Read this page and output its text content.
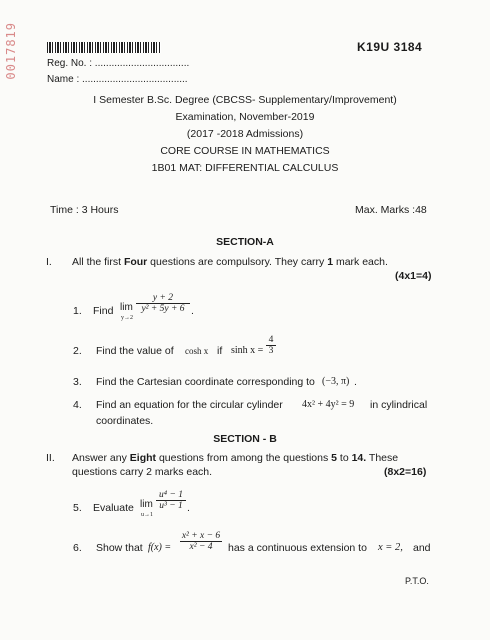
0017819	K19U 3184
Reg. No. : ..................................
Name : ......................................
I Semester B.Sc. Degree (CBCSS- Supplementary/Improvement)
Examination, November-2019
(2017 -2018 Admissions)
CORE COURSE IN MATHEMATICS
1B01 MAT: DIFFERENTIAL CALCULUS
Time : 3 Hours	Max. Marks :48
SECTION-A
I. All the first Four questions are compulsory. They carry 1 mark each.
(4x1=4)
1. Find lim
y→2
y + 2
y² + 5y + 6 .
2. Find the value of cosh x if sinh x =
4
3
3. Find the Cartesian coordinate corresponding to (−3, π) .
4. Find an equation for the circular cylinder 4x² + 4y² = 9 in cylindrical
coordinates.
SECTION - B
II. Answer any Eight questions from among the questions 5 to 14. These
questions carry 2 marks each.	(8x2=16)
5. Evaluate lim
u→1
u⁴ − 1
u³ − 1 .
6. Show that f(x) =
x² + x − 6
x² − 4	has a continuous extension to x = 2, and
P.T.O.
